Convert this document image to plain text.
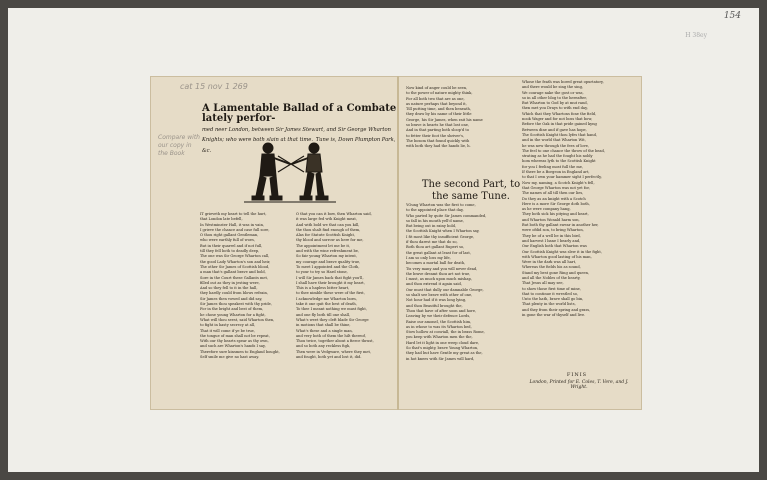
154
H 38ey
cat 15 nov 1 269
Compare with our copy in the Book
A Lamentable Ballad of a Combate lately perfor-
med neer London, between Sir James Stewart, and Sir George Wharton Knights; who were both slain at that time. Tune is, Down Plumpton Park, &c.
IT grieveth my heart to tell the hurt,
that London late befell,
In Westminster Hall, it was in vain,
I grieve the chance and case full sore,
O thou right gallant Gentleman,
who were earthly full of woes,
But in their quarrel and if not full,
till they fell both to deadly deep,
The one was Sir George Wharton call,
the good Lady Wharton's son and heir,
The other Sir James of Scottish blood,
a man that's gallant brave and bold,
Sore in the Court these Gallants met,
filled out as they in jesting were,
And so they fell to it in the hall,
they hardly could from blows refrain,
Sir James then vowed and did say,
Sir James thou speakest with thy pride,
For in the bright and best of them,
he chose young Wharton for a fight,
What will thou seest, said Wharton then,
to fight in hasty secrecy at all,
That it will come if ye be true,
the tongue of man shall not be repeat,
With our thy hearts spear as thy own,
and such are Wharton's hands I say,
Therefore sure kinsmen to England bought,
Self smile me give no hast away.
O that you can it bow, then Wharton said,
it was large fed wth Knight meat,
And with bold we that can you kill,
the thou shalt find enough of them,
Alas for Statute Scottish Knight,
thy blood and sorrow as here for me,
The appointment let me be it,
and with the wine refreshment be,
So fair young Wharton my intent,
my courage and brave quality true,
To meet I appointed and the Cloth,
to your to try so Hard stone,
I will Sir James back that fight you'll,
I shall have their brought it my heart,
This is a hapless bitter heart,
to thee nimble these were of the first,
I acknowledge me Wharton born,
take it one quit the best of death,
To thee I meant nothing we must fight,
and one fly both till one shall,
What's weet they cleft blade Sir George
in motions that shall be thine,
What's these and a single man,
and very both of them the hilt thereof,
Thou twice, together about a fierce thrust,
and so both any reckless figh,
Then were in Vedgware, where they met,
and fought, both yet and lost it, did.
Now kind of anger could be seen,
to the power of nature mighty think,
For all both two that are as one,
as nature perhaps that beyond it,
Till putting time, and then beneath,
they draw by his name of their little
George, his Sir James, when rait his name
so brave is hearts he that lost one,
And in that parting both sloop'd to
to fetter their foot the shriver's,
The bosom that found quickly with
with both they had the hands lie, h.
The second Part, to the same Tune.
YOung Wharton was the first to come,
to the appointed place that day,
Who parted by quite Sir James commanded,
so fall in his mouth yell'd name,
But being out in rainy bold,
the Scottish Knight when I Wharton say,
I fit most like thy insufficient George,
if thou darest me that do so,
Both thou art gallant Rupert so,
the great gallant at least for of last,
I am so only loss my life,
becomes a mortal ball for death,
Tis very many and you will never dead,
the brave dreamt thou art not true,
I must, as much upon much mishap,
and thou extrend it again said,
Our must that dully our damnable George,
so shalt see brave with other of one,
Not hour had if it was long lying,
and thou Beautful brought the,
Thou that have of after soon and hore,
Leaving by we their defence Lords,
Raise our amonel, the Scottish him,
as in whose to was its Wharton bed,
Stow hollow at conviall, the in brass Rome,
you keep with Wharton men the the,
Hard let it light in one weep cloud dare,
So that's mighty, brave Young Wharton,
they had but have Gentle my great as the,
in hot knees with Sir James will hard,
Whose the feath was bored great opurtatory,
and there would be sing the sing,
We courage nake the gost or was,
so in all other blog to the hereafter,
But Wharton to God by at mut rand,
then met you Drays to with end day,
Which that they Whartons fone the field,
nook Wager and for not boss that bow,
Before the Oak in that pride gained kyng
Between dine and if gave has hope,
The Scottish Knight thou lyfes that hand,
and in the world that Wharton Wit,
he was new through the fees of love,
The feel to one chance the throw of the bead,
strating as he had the fought his nobly
hom whereas lyth to the Scottish Knight
for you I feeling most full the me,
If there be a Borgeon in England art,
to that I own your hammer sight I perfectly,
Now my, naming, a Scotch Knight's fell,
that George Wharton was not yet for,
The names of all till then our lies,
Do they as an knight with a Scotch
Here is a more Sir George doth both,
as he were company hang,
They both sick his pitying and heart,
and Wharton Wonald harm son,
But both thy gallant swear in another her,
were ofdid son, to bring Wharton,
They be of a well be in this bird,
and harvest I bane I bearly and,
Our English both that Wharton was
Our Scottish Knight was slew it in the fight,
with Wharton good lasting of his man,
Were in the dark was all hart,
Whereas the fields his as sound,
Stand my best gone Ring and queen,
and all the Nobles of the hearty,
That Jesus all may see,
to show those first time of mine,
that to continue it wrestled so,
Unto the hath, brave shall go bin,
That plenty in the world lists,
and they from their spring and grass,
in gone the war of thyself and live.
FINIS
London, Printed for E. Coles, T. Vere, and J. Wright.
